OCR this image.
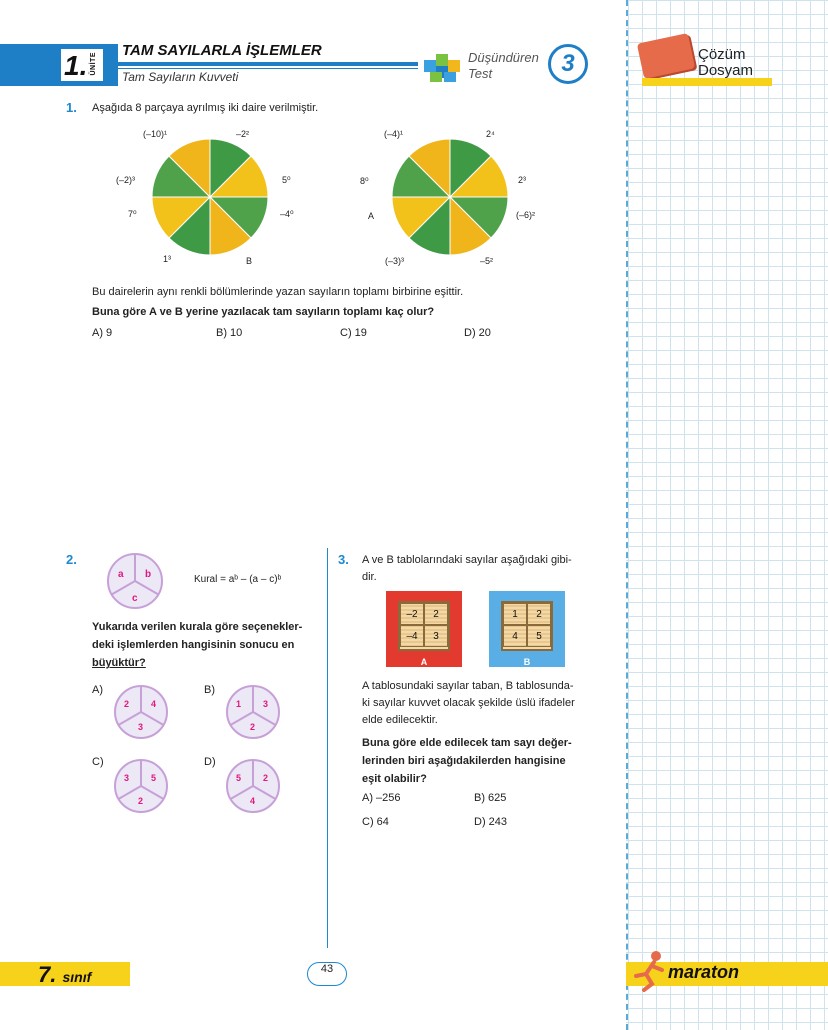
1. ÜNİTE
TAM SAYILARLA İŞLEMLER
Tam Sayıların Kuvveti
Düşündüren
Test	3	Çözüm
Dosyam
1. Aşağıda 8 parçaya ayrılmış iki daire verilmiştir.
(–10)¹	–2²
5⁰
–4⁰
B
1³
7⁰
(–2)³
(–4)¹	2⁴
2³
(–6)²
–5²
(–3)³
A
8⁰
Bu dairelerin aynı renkli bölümlerinde yazan sayıların toplamı birbirine eşittir.
Buna göre A ve B yerine yazılacak tam sayıların toplamı kaç olur?
A) 9	B) 10	C) 19	D) 20
2.
a b
c
Kural = aᵇ – (a – c)ᵇ
Yukarıda verilen kurala göre seçenekler-
deki işlemlerden hangisinin sonucu en
büyüktür?
A)
2 4
3
B)
1 3
2
C)
3 5
2
D)
5 2
4
3. A ve B tablolarındaki sayılar aşağıdaki gibi-
dir.
–2	2
–4	3
A
1	2
4	5
B
A tablosundaki sayılar taban, B tablosunda-
ki sayılar kuvvet olacak şekilde üslü ifadeler
elde edilecektir.
Buna göre elde edilecek tam sayı değer-
lerinden biri aşağıdakilerden hangisine
eşit olabilir?
A) –256	B) 625
C) 64	D) 243
7. sınıf	43	maraton
